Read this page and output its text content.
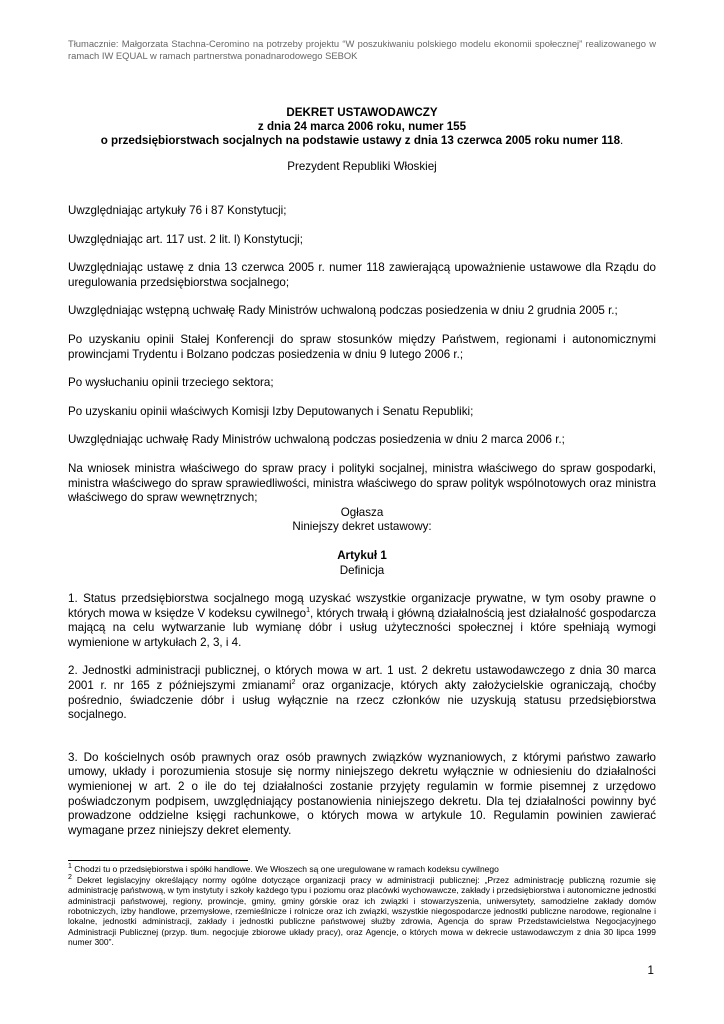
Tłumacznie: Małgorzata Stachna-Ceromino na potrzeby projektu “W poszukiwaniu polskiego modelu ekonomii społecznej” realizowanego w ramach IW EQUAL w ramach partnerstwa ponadnarodowego SEBOK

DEKRET USTAWODAWCZY
z dnia 24 marca 2006 roku, numer 155
o przedsiębiorstwach socjalnych na podstawie ustawy z dnia 13 czerwca 2005 roku numer 118.
Prezydent Republiki Włoskiej

Uwzględniając artykuły 76 i 87 Konstytucji;

Uwzględniając art. 117 ust. 2 lit. l) Konstytucji;

Uwzględniając ustawę z dnia 13 czerwca 2005 r. numer 118 zawierającą upoważnienie ustawowe dla Rządu do uregulowania przedsiębiorstwa socjalnego;

Uwzględniając wstępną uchwałę Rady Ministrów uchwaloną podczas posiedzenia w dniu 2 grudnia 2005 r.;

Po uzyskaniu opinii Stałej Konferencji do spraw stosunków między Państwem, regionami i autonomicznymi prowincjami Trydentu i Bolzano podczas posiedzenia w dniu 9 lutego 2006 r.;

Po wysłuchaniu opinii trzeciego sektora;

Po uzyskaniu opinii właściwych Komisji Izby Deputowanych i Senatu Republiki;

Uwzględniając uchwałę Rady Ministrów uchwaloną podczas posiedzenia w dniu 2 marca 2006 r.;

Na wniosek ministra właściwego do spraw pracy i polityki socjalnej, ministra właściwego do spraw gospodarki, ministra właściwego do spraw sprawiedliwości, ministra właściwego do spraw polityk wspólnotowych oraz ministra właściwego do spraw wewnętrznych;

Ogłasza

Niniejszy dekret ustawowy:

Artykuł 1

Definicja

1. Status przedsiębiorstwa socjalnego mogą uzyskać wszystkie organizacje prywatne, w tym osoby prawne o których mowa w księdze V kodeksu cywilnego$^1$, których trwałą i główną działalnością jest działalność gospodarcza mającą na celu wytwarzanie lub wymianę dóbr i usług użyteczności społecznej i które spełniają wymogi wymienione w artykułach 2, 3, i 4.

2. Jednostki administracji publicznej, o których mowa w art. 1 ust. 2 dekretu ustawodawczego z dnia 30 marca 2001 r. nr 165 z późniejszymi zmianami$^2$ oraz organizacje, których akty założycielskie ograniczają, choćby pośrednio, świadczenie dóbr i usług wyłącznie na rzecz członków nie uzyskują statusu przedsiębiorstwa socjalnego.

3. Do kościelnych osób prawnych oraz osób prawnych związków wyznaniowych, z którymi państwo zawarło umowy, układy i porozumienia stosuje się normy niniejszego dekretu wyłącznie w odniesieniu do działalności wymienionej w art. 2 o ile do tej działalności zostanie przyjęty regulamin w formie pisemnej z urzędowo poświadczonym podpisem, uwzględniający postanowienia niniejszego dekretu. Dla tej działalności powinny być prowadzone oddzielne księgi rachunkowe, o których mowa w artykule 10. Regulamin powinien zawierać wymagane przez niniejszy dekret elementy.

$^1$ Chodzi tu o przedsiębiorstwa i spółki handlowe. We Włoszech są one uregulowane w ramach kodeksu cywilnego

$^2$ Dekret legislacyjny określający normy ogólne dotyczące organizacji pracy w administracji publicznej: „Przez administrację publiczną rozumie się administrację państwową, w tym instytuty i szkoły każdego typu i poziomu oraz placówki wychowawcze, zakłady i przedsiębiorstwa i autonomiczne jednostki administracji państwowej, regiony, prowincje, gminy, gminy górskie oraz ich związki i stowarzyszenia, uniwersytety, samodzielne zakłady domów robotniczych, izby handlowe, przemysłowe, rzemieślnicze i rolnicze oraz ich związki, wszystkie niegospodarcze jednostki publiczne narodowe, regionalne i lokalne, jednostki administracji, zakłady i jednostki publiczne państwowej służby zdrowia, Agencja do spraw Przedstawicielstwa Negocjacyjnego Administracji Publicznej (przyp. tłum. negocjuje zbiorowe układy pracy), oraz Agencje, o których mowa w dekrecie ustawodawczym z dnia 30 lipca 1999 numer 300”.

1
